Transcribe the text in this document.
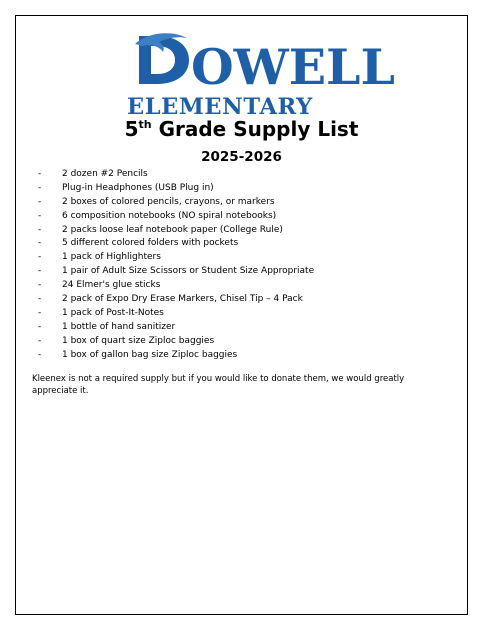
OWELL
ELEMENTARY
5th Grade Supply List
2025-2026
- 2 dozen #2 Pencils
- Plug-in Headphones (USB Plug in)
- 2 boxes of colored pencils, crayons, or markers
- 6 composition notebooks (NO spiral notebooks)
- 2 packs loose leaf notebook paper (College Rule)
- 5 different colored folders with pockets
- 1 pack of Highlighters
- 1 pair of Adult Size Scissors or Student Size Appropriate
- 24 Elmer's glue sticks
- 2 pack of Expo Dry Erase Markers, Chisel Tip – 4 Pack
- 1 pack of Post-It-Notes
- 1 bottle of hand sanitizer
- 1 box of quart size Ziploc baggies
- 1 box of gallon bag size Ziploc baggies
Kleenex is not a required supply but if you would like to donate them, we would greatly appreciate it.
